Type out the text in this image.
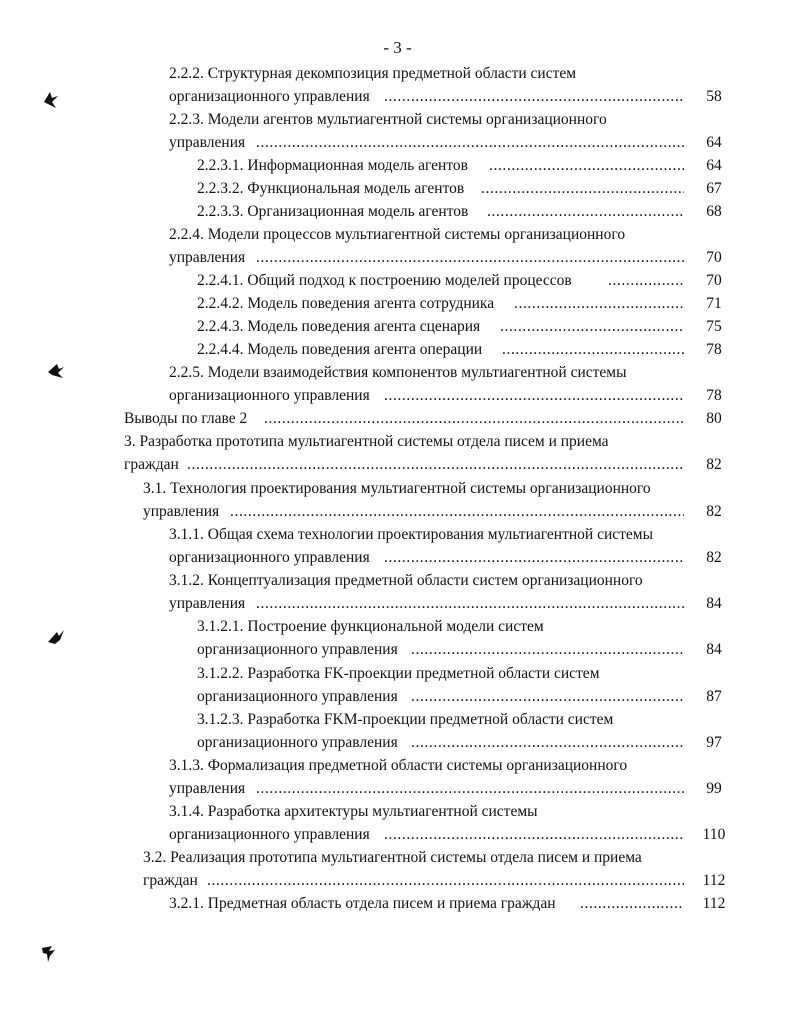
- 3 -
2.2.2. Структурная декомпозиция предметной области систем
организационного управления .....	58
2.2.3. Модели агентов мультиагентной системы организационного
управления .....	64
2.2.3.1. Информационная модель агентов .....	64
2.2.3.2. Функциональная модель агентов .....	67
2.2.3.3. Организационная модель агентов .....	68
2.2.4. Модели процессов мультиагентной системы организационного
управления .....	70
2.2.4.1. Общий подход к построению моделей процессов .....	70
2.2.4.2. Модель поведения агента сотрудника .....	71
2.2.4.3. Модель поведения агента сценария .....	75
2.2.4.4. Модель поведения агента операции .....	78
2.2.5. Модели взаимодействия компонентов мультиагентной системы
организационного управления .....	78
Выводы по главе 2 .....	80
3. Разработка прототипа мультиагентной системы отдела писем и приема
граждан .....	82
3.1. Технология проектирования мультиагентной системы организационного
управления .....	82
3.1.1. Общая схема технологии проектирования мультиагентной системы
организационного управления .....	82
3.1.2. Концептуализация предметной области систем организационного
управления .....	84
3.1.2.1. Построение функциональной модели систем
организационного управления .....	84
3.1.2.2. Разработка FK-проекции предметной области систем
организационного управления .....	87
3.1.2.3. Разработка FKM-проекции предметной области систем
организационного управления .....	97
3.1.3. Формализация предметной области системы организационного
управления .....	99
3.1.4. Разработка архитектуры мультиагентной системы
организационного управления .....	110
3.2. Реализация прототипа мультиагентной системы отдела писем и приема
граждан .....	112
3.2.1. Предметная область отдела писем и приема граждан .....	112
